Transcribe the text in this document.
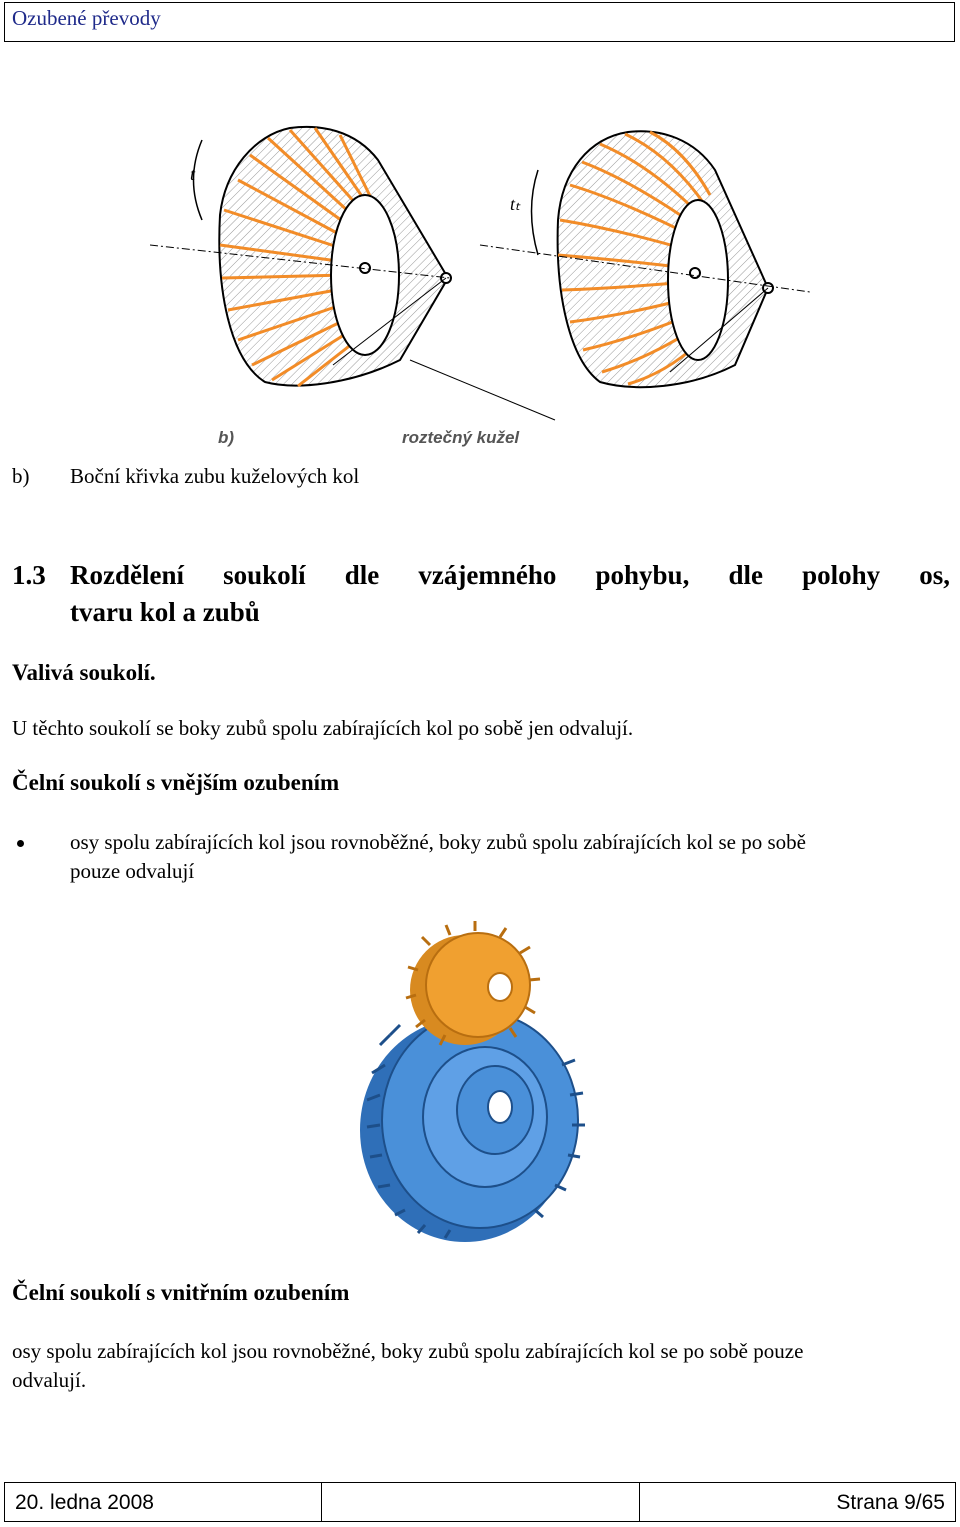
Ozubené převody
t
tₜ
b)	roztečný kužel
b) Boční křivka zubu kuželových kol
1.3 Rozdělení soukolí dle vzájemného pohybu, dle polohy os,
tvaru kol a zubů
Valivá soukolí.
U těchto soukolí se boky zubů spolu zabírajících kol po sobě jen odvalují.
Čelní soukolí s vnějším ozubením
osy spolu zabírajících kol jsou rovnoběžné, boky zubů spolu zabírajících kol se po sobě
pouze odvalují
Čelní soukolí s vnitřním ozubením
osy spolu zabírajících kol jsou rovnoběžné, boky zubů spolu zabírajících kol se po sobě pouze
odvalují.
20. ledna 2008	Strana 9/65
